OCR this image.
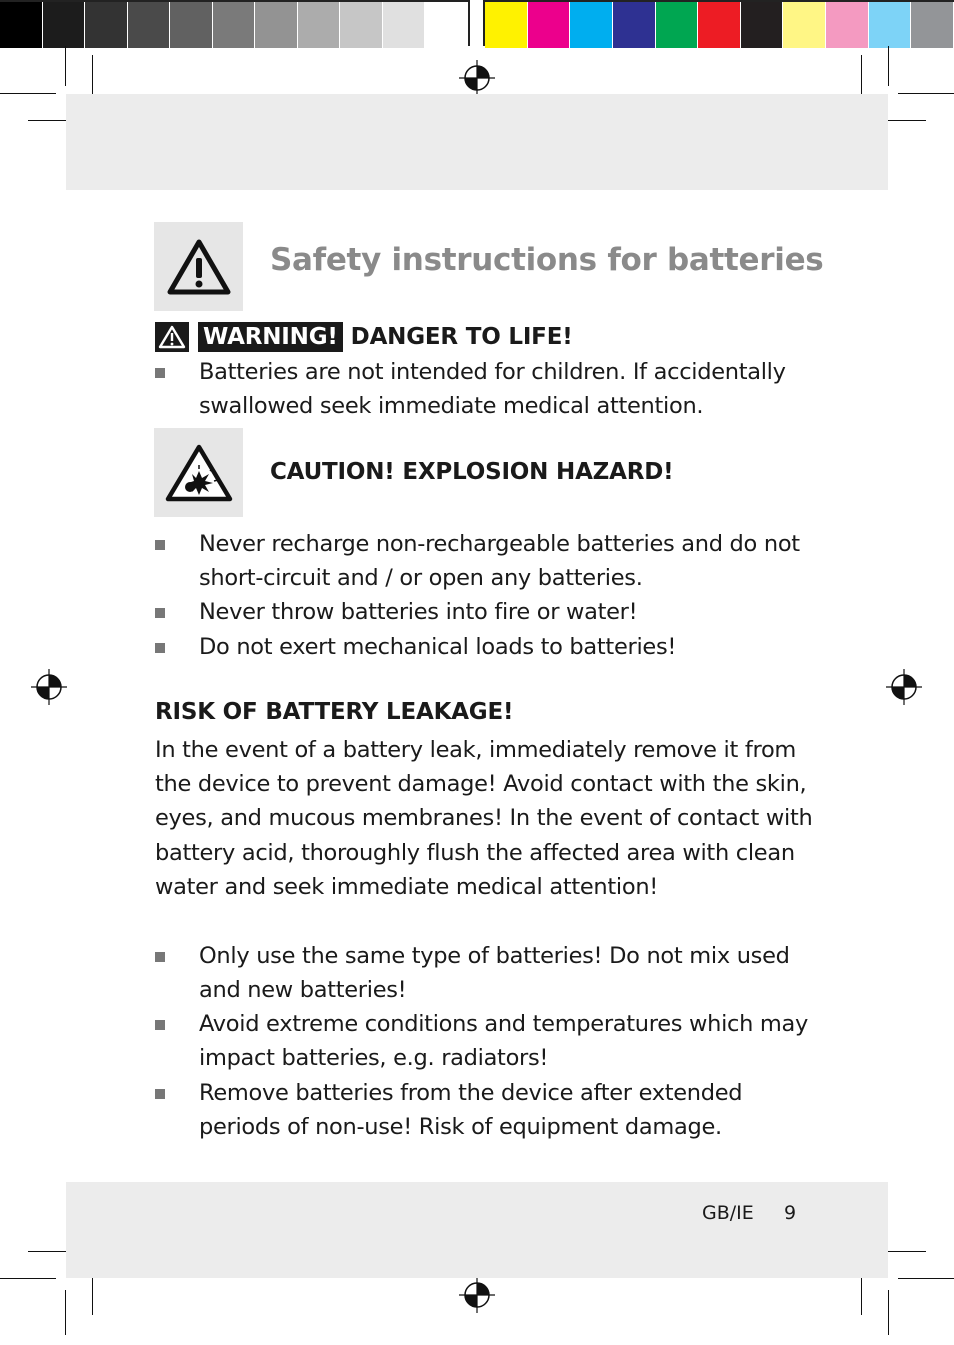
Safety instructions for batteries
WARNING! DANGER TO LIFE!
Batteries are not intended for children. If accidentally swallowed seek immediate medical attention.
CAUTION! EXPLOSION HAZARD!
Never recharge non-rechargeable batteries and do not short-circuit and / or open any batteries.
Never throw batteries into fire or water!
Do not exert mechanical loads to batteries!
RISK OF BATTERY LEAKAGE!
In the event of a battery leak, immediately remove it from the device to prevent damage! Avoid contact with the skin, eyes, and mucous membranes! In the event of contact with battery acid, thoroughly flush the affected area with clean water and seek immediate medical attention!
Only use the same type of batteries! Do not mix used and new batteries!
Avoid extreme conditions and temperatures which may impact batteries, e.g. radiators!
Remove batteries from the device after extended periods of non-use! Risk of equipment damage.
GB/IE 9
